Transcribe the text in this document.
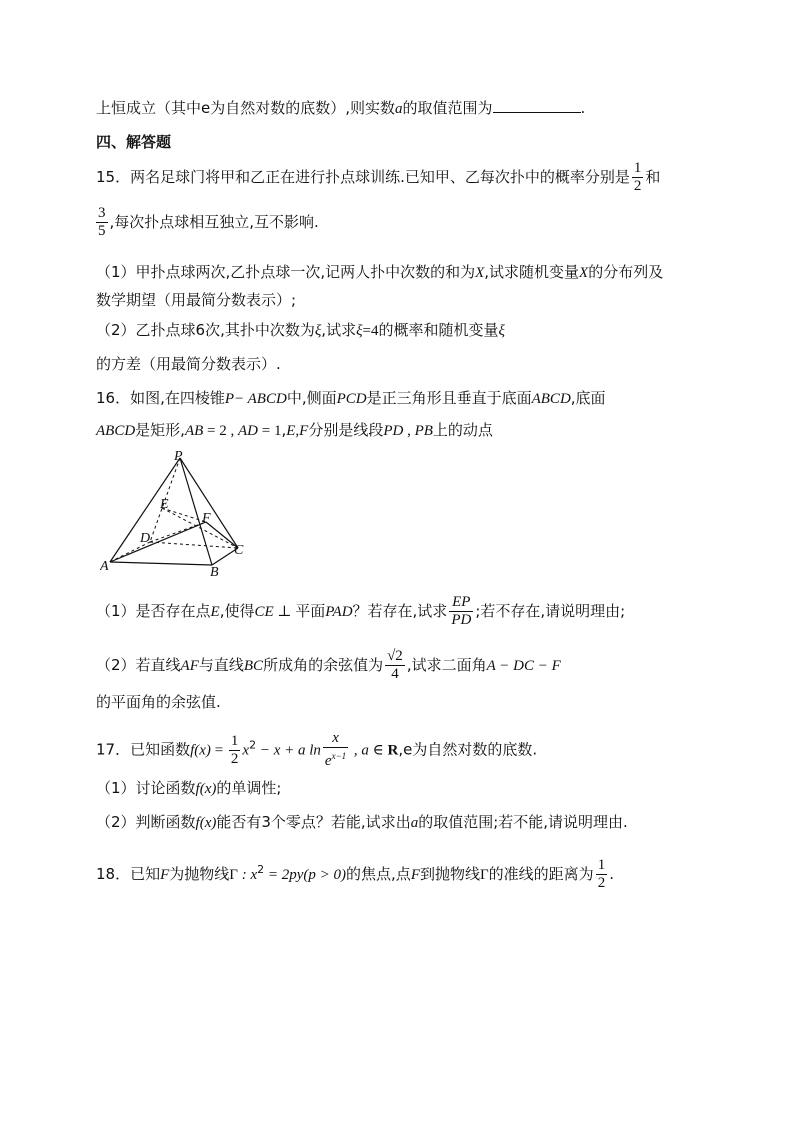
上恒成立（其中e为自然对数的底数）,则实数a的取值范围为	.
四、解答题
15．两名足球门将甲和乙正在进行扑点球训练.已知甲、乙每次扑中的概率分别是 $\frac{1}{2}$ 和
$\frac{3}{5}$ ,每次扑点球相互独立,互不影响.
（1）甲扑点球两次,乙扑点球一次,记两人扑中次数的和为X,试求随机变量X的分布列及
数学期望（用最简分数表示）;
（2）乙扑点球6次,其扑中次数为ξ,试求ξ=4的概率和随机变量ξ
的方差（用最简分数表示）.
16．如图,在四棱锥P− ABCD中,侧面PCD是正三角形且垂直于底面ABCD,底面
ABCD是矩形,AB = 2 , AD = 1,E,F分别是线段PD , PB上的动点
P
E
F
D
C
A	B
（1）是否存在点E,使得CE ⊥ 平面PAD？若存在,试求 $\frac{EP}{PD}$ ;若不存在,请说明理由;
（2）若直线AF与直线BC所成角的余弦值为 $\frac{√2}{4}$ ,试求二面角A − DC − F
的平面角的余弦值.
17．已知函数$f(x) = \frac{1}{2} x^2 - x + a$ $\ln \frac{x}{e^{x-1}}$ , a ∈ R,e为自然对数的底数.
（1）讨论函数f(x)的单调性;
（2）判断函数f(x)能否有3个零点？若能,试求出a的取值范围;若不能,请说明理由.
18．已知F为抛物线Γ : $x^2 = 2py(p > 0)$的焦点,点F到抛物线Γ的准线的距离为 $\frac{1}{2}$ .
